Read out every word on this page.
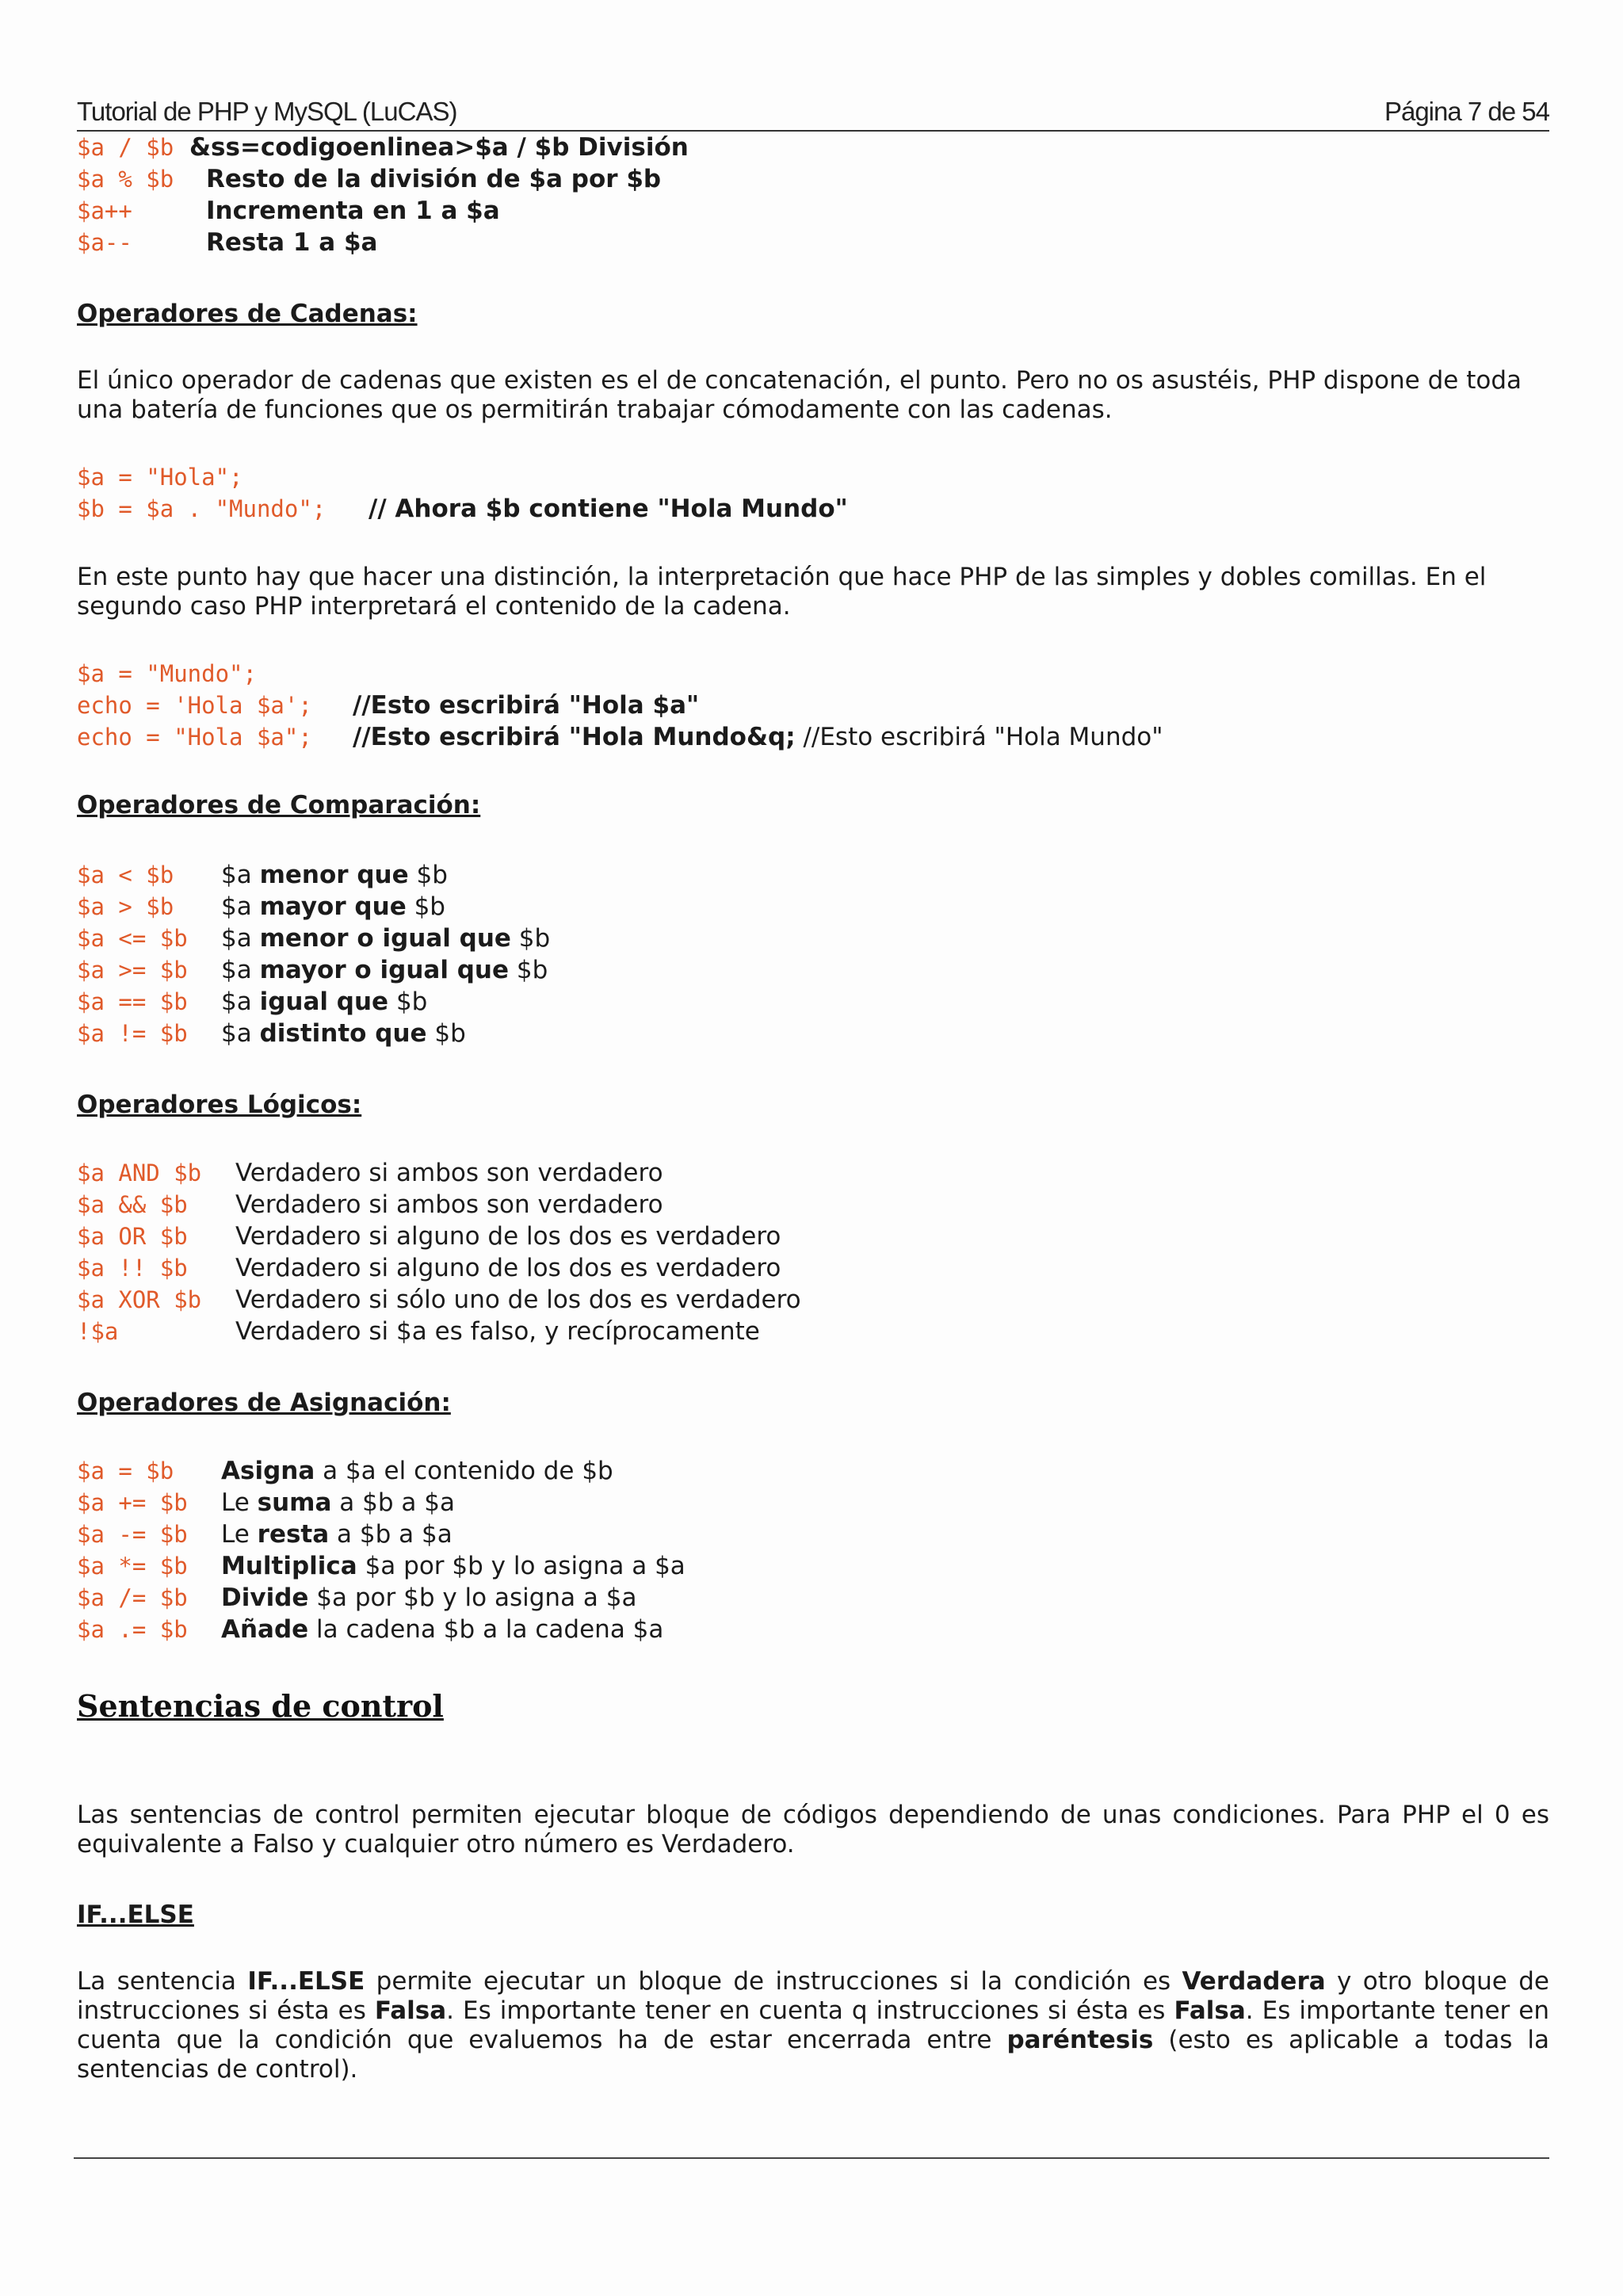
Tutorial de PHP y MySQL (LuCAS)	Página 7 de 54
$a / $b &ss=codigoenlinea>$a / $b División
$a % $b Resto de la división de $a por $b
$a++	Incrementa en 1 a $a
$a--	Resta 1 a $a
Operadores de Cadenas:
El único operador de cadenas que existen es el de concatenación, el punto. Pero no os asustéis, PHP dispone de toda una batería de funciones que os permitirán trabajar cómodamente con las cadenas.
$a = "Hola";
$b = $a . "Mundo"; // Ahora $b contiene "Hola Mundo"
En este punto hay que hacer una distinción, la interpretación que hace PHP de las simples y dobles comillas. En el segundo caso PHP interpretará el contenido de la cadena.
$a = "Mundo";
echo = 'Hola $a'; //Esto escribirá "Hola $a"
echo = "Hola $a"; //Esto escribirá "Hola Mundo&q; //Esto escribirá "Hola Mundo"
Operadores de Comparación:
$a < $b $a menor que $b
$a > $b $a mayor que $b
$a <= $b $a menor o igual que $b
$a >= $b $a mayor o igual que $b
$a == $b $a igual que $b
$a != $b $a distinto que $b
Operadores Lógicos:
$a AND $b Verdadero si ambos son verdadero
$a && $b Verdadero si ambos son verdadero
$a OR $b Verdadero si alguno de los dos es verdadero
$a !! $b Verdadero si alguno de los dos es verdadero
$a XOR $b Verdadero si sólo uno de los dos es verdadero
!$a	Verdadero si $a es falso, y recíprocamente
Operadores de Asignación:
$a = $b Asigna a $a el contenido de $b
$a += $b Le suma a $b a $a
$a -= $b Le resta a $b a $a
$a *= $b Multiplica $a por $b y lo asigna a $a
$a /= $b Divide $a por $b y lo asigna a $a
$a .= $b Añade la cadena $b a la cadena $a
Sentencias de control
Las sentencias de control permiten ejecutar bloque de códigos dependiendo de unas condiciones. Para PHP el 0 es equivalente a Falso y cualquier otro número es Verdadero.
IF...ELSE
La sentencia IF...ELSE permite ejecutar un bloque de instrucciones si la condición es Verdadera y otro bloque de instrucciones si ésta es Falsa. Es importante tener en cuenta q instrucciones si ésta es Falsa. Es importante tener en cuenta que la condición que evaluemos ha de estar encerrada entre paréntesis (esto es aplicable a todas la sentencias de control).
